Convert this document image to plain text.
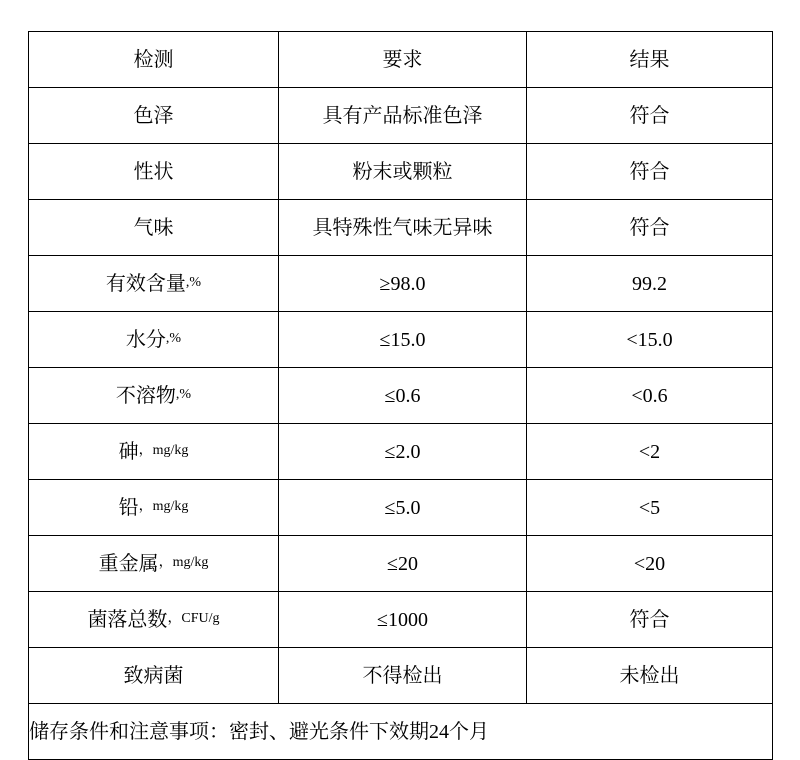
检测	要求	结果

色泽	具有产品标准色泽	符合

性状	粉末或颗粒	符合

气味	具特殊性气味无异味	符合

有效含量 ,%	≥98.0	99.2

水分 ,%	≤15.0	<15.0

不溶物 ,%	≤0.6	<0.6

砷 ，mg/kg	≤2.0	<2

铅 ，mg/kg	≤5.0	<5

重金属 ，mg/kg	≤20	<20

菌落总数 ，CFU/g	≤1000	符合

致病菌	不得检出	未检出

储存条件和注意事项：密封、避光条件下效期24个月		
